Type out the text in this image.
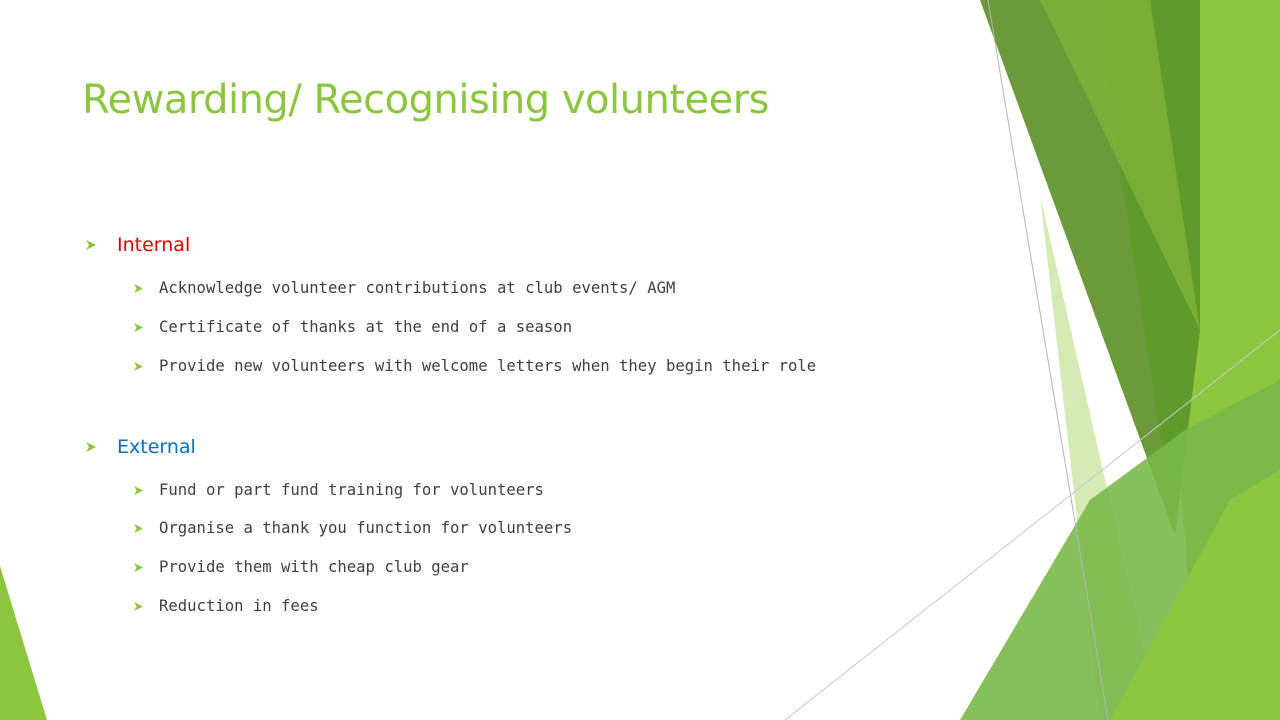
Rewarding/ Recognising volunteers
Internal
Acknowledge volunteer contributions at club events/ AGM
Certificate of thanks at the end of a season
Provide new volunteers with welcome letters when they begin their role
External
Fund or part fund training for volunteers
Organise a thank you function for volunteers
Provide them with cheap club gear
Reduction in fees
